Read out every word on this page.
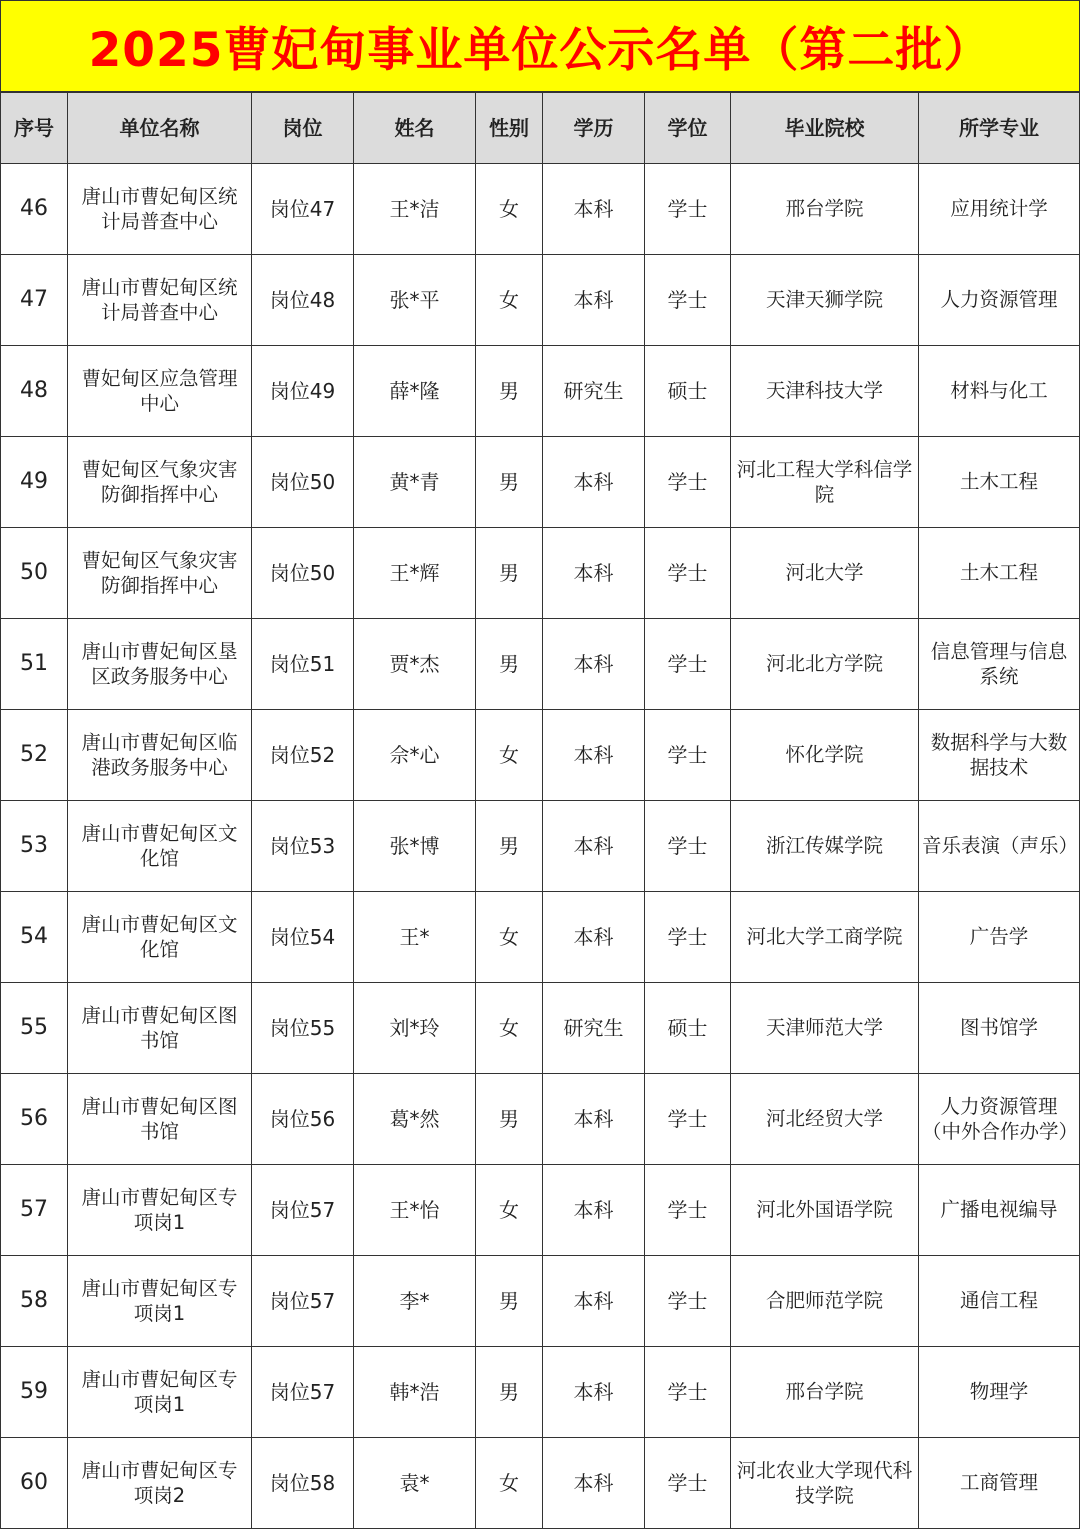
2025曹妃甸事业单位公示名单（第二批）
序号	单位名称	岗位	姓名	性别	学历	学位	毕业院校	所学专业
46	唐山市曹妃甸区统计局普查中心	岗位47	王*洁	女	本科	学士	邢台学院	应用统计学
47	唐山市曹妃甸区统计局普查中心	岗位48	张*平	女	本科	学士	天津天狮学院	人力资源管理
48	曹妃甸区应急管理中心	岗位49	薛*隆	男	研究生	硕士	天津科技大学	材料与化工
49	曹妃甸区气象灾害防御指挥中心	岗位50	黄*青	男	本科	学士	河北工程大学科信学院	土木工程
50	曹妃甸区气象灾害防御指挥中心	岗位50	王*辉	男	本科	学士	河北大学	土木工程
51	唐山市曹妃甸区垦区政务服务中心	岗位51	贾*杰	男	本科	学士	河北北方学院	信息管理与信息系统
52	唐山市曹妃甸区临港政务服务中心	岗位52	佘*心	女	本科	学士	怀化学院	数据科学与大数据技术
53	唐山市曹妃甸区文化馆	岗位53	张*博	男	本科	学士	浙江传媒学院	音乐表演（声乐）
54	唐山市曹妃甸区文化馆	岗位54	王*	女	本科	学士	河北大学工商学院	广告学
55	唐山市曹妃甸区图书馆	岗位55	刘*玲	女	研究生	硕士	天津师范大学	图书馆学
56	唐山市曹妃甸区图书馆	岗位56	葛*然	男	本科	学士	河北经贸大学	人力资源管理（中外合作办学）
57	唐山市曹妃甸区专项岗1	岗位57	王*怡	女	本科	学士	河北外国语学院	广播电视编导
58	唐山市曹妃甸区专项岗1	岗位57	李*	男	本科	学士	合肥师范学院	通信工程
59	唐山市曹妃甸区专项岗1	岗位57	韩*浩	男	本科	学士	邢台学院	物理学
60	唐山市曹妃甸区专项岗2	岗位58	袁*	女	本科	学士	河北农业大学现代科技学院	工商管理
